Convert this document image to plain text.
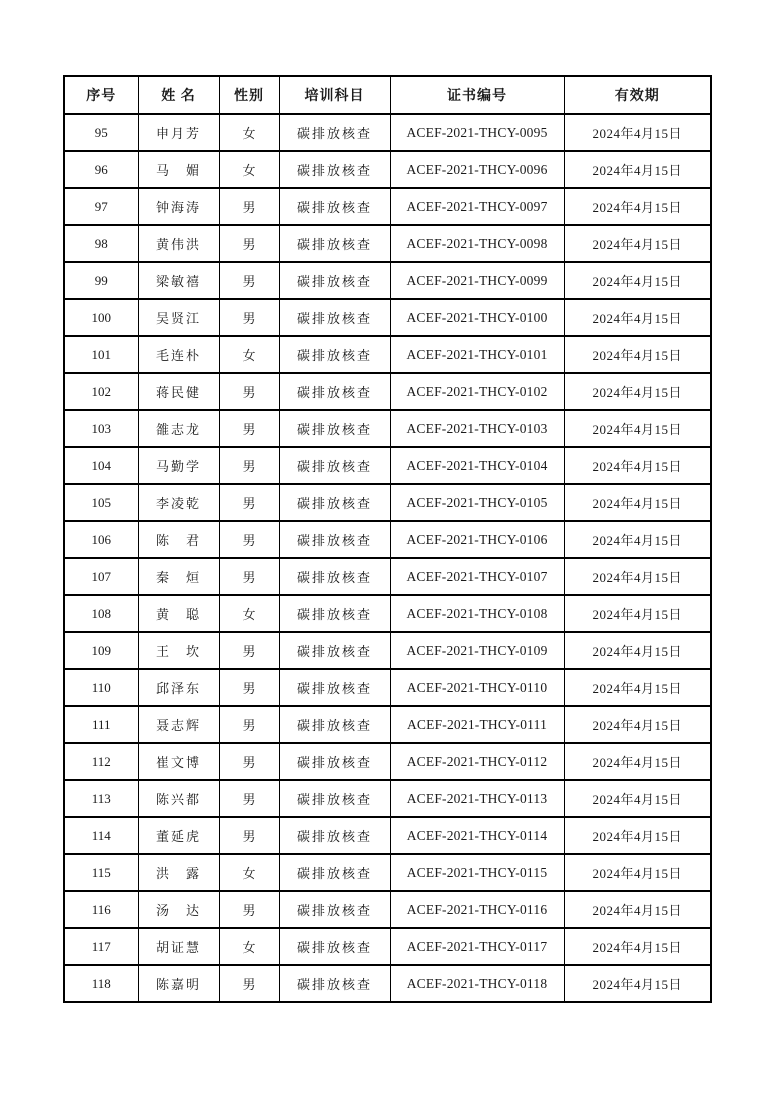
序号	姓 名	性别	培训科目	证书编号	有效期
95	申月芳	女	碳排放核查	ACEF-2021-THCY-0095	2024年4月15日
96	马　媚	女	碳排放核查	ACEF-2021-THCY-0096	2024年4月15日
97	钟海涛	男	碳排放核查	ACEF-2021-THCY-0097	2024年4月15日
98	黄伟洪	男	碳排放核查	ACEF-2021-THCY-0098	2024年4月15日
99	梁敏禧	男	碳排放核查	ACEF-2021-THCY-0099	2024年4月15日
100	吴贤江	男	碳排放核查	ACEF-2021-THCY-0100	2024年4月15日
101	毛连朴	女	碳排放核查	ACEF-2021-THCY-0101	2024年4月15日
102	蒋民健	男	碳排放核查	ACEF-2021-THCY-0102	2024年4月15日
103	雒志龙	男	碳排放核查	ACEF-2021-THCY-0103	2024年4月15日
104	马勤学	男	碳排放核查	ACEF-2021-THCY-0104	2024年4月15日
105	李凌乾	男	碳排放核查	ACEF-2021-THCY-0105	2024年4月15日
106	陈　君	男	碳排放核查	ACEF-2021-THCY-0106	2024年4月15日
107	秦　烜	男	碳排放核查	ACEF-2021-THCY-0107	2024年4月15日
108	黄　聪	女	碳排放核查	ACEF-2021-THCY-0108	2024年4月15日
109	王　坎	男	碳排放核查	ACEF-2021-THCY-0109	2024年4月15日
110	邱泽东	男	碳排放核查	ACEF-2021-THCY-0110	2024年4月15日
111	聂志辉	男	碳排放核查	ACEF-2021-THCY-0111	2024年4月15日
112	崔文博	男	碳排放核查	ACEF-2021-THCY-0112	2024年4月15日
113	陈兴都	男	碳排放核查	ACEF-2021-THCY-0113	2024年4月15日
114	董延虎	男	碳排放核查	ACEF-2021-THCY-0114	2024年4月15日
115	洪　露	女	碳排放核查	ACEF-2021-THCY-0115	2024年4月15日
116	汤　达	男	碳排放核查	ACEF-2021-THCY-0116	2024年4月15日
117	胡证慧	女	碳排放核查	ACEF-2021-THCY-0117	2024年4月15日
118	陈嘉明	男	碳排放核查	ACEF-2021-THCY-0118	2024年4月15日
